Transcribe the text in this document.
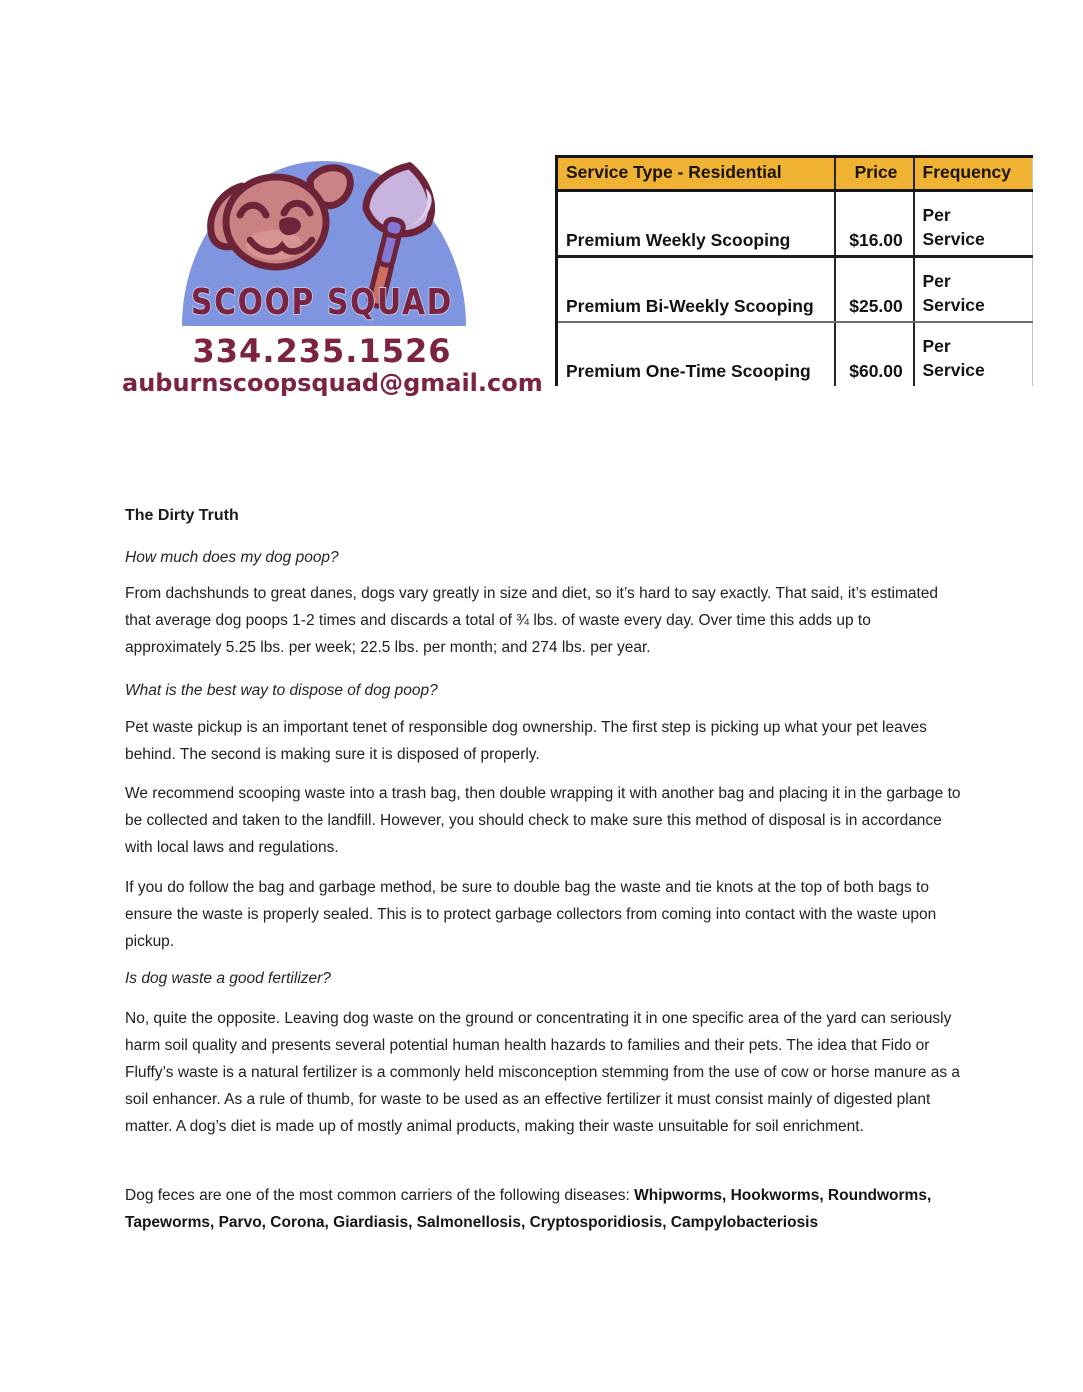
SCOOP SQUAD
334.235.1526
auburnscoopsquad@gmail.com
Service Type - Residential	Price	Frequency
Premium Weekly Scooping	$16.00	Per Service
Premium Bi-Weekly Scooping	$25.00	Per Service
Premium One-Time Scooping	$60.00	Per Service
The Dirty Truth

How much does my dog poop?

From dachshunds to great danes, dogs vary greatly in size and diet, so it’s hard to say exactly. That said, it’s estimated that average dog poops 1-2 times and discards a total of ¾ lbs. of waste every day. Over time this adds up to approximately 5.25 lbs. per week; 22.5 lbs. per month; and 274 lbs. per year.

What is the best way to dispose of dog poop?

Pet waste pickup is an important tenet of responsible dog ownership. The first step is picking up what your pet leaves behind. The second is making sure it is disposed of properly.

We recommend scooping waste into a trash bag, then double wrapping it with another bag and placing it in the garbage to be collected and taken to the landfill. However, you should check to make sure this method of disposal is in accordance with local laws and regulations.

If you do follow the bag and garbage method, be sure to double bag the waste and tie knots at the top of both bags to ensure the waste is properly sealed. This is to protect garbage collectors from coming into contact with the waste upon pickup.

Is dog waste a good fertilizer?

No, quite the opposite. Leaving dog waste on the ground or concentrating it in one specific area of the yard can seriously harm soil quality and presents several potential human health hazards to families and their pets. The idea that Fido or Fluffy’s waste is a natural fertilizer is a commonly held misconception stemming from the use of cow or horse manure as a soil enhancer. As a rule of thumb, for waste to be used as an effective fertilizer it must consist mainly of digested plant matter. A dog’s diet is made up of mostly animal products, making their waste unsuitable for soil enrichment.

Dog feces are one of the most common carriers of the following diseases: Whipworms, Hookworms, Roundworms, Tapeworms, Parvo, Corona, Giardiasis, Salmonellosis, Cryptosporidiosis, Campylobacteriosis
